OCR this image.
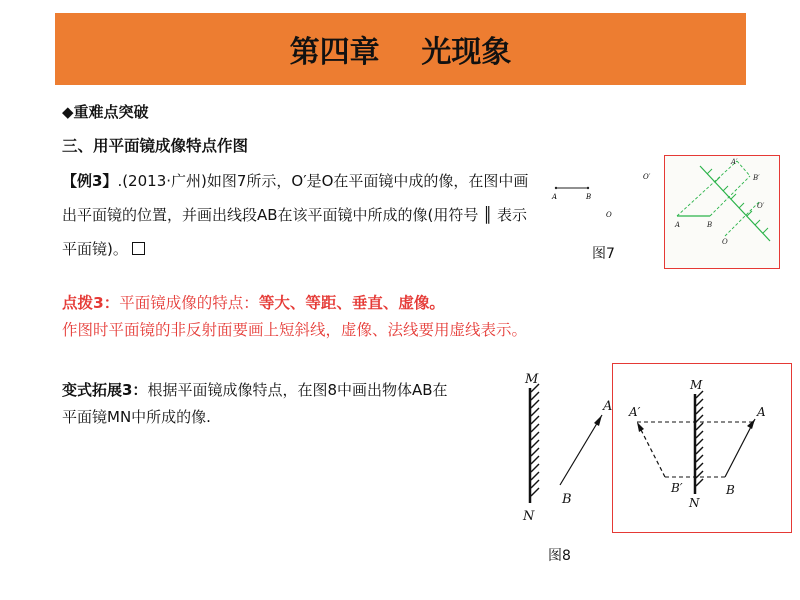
第四章    光现象
◆重难点突破
三、用平面镜成像特点作图
【例3】.(2013·广州)如图7所示，O′是O在平面镜中成的像，在图中画出平面镜的位置，并画出线段AB在该平面镜中所成的像(用符号 ║ 表示平面镜)。
A	B
O′
O
图7
A	B
A′
B′
O
O′
点拨3：平面镜成像的特点：等大、等距、垂直、虚像。
作图时平面镜的非反射面要画上短斜线，虚像、法线要用虚线表示。
变式拓展3：根据平面镜成像特点，在图8中画出物体AB在平面镜MN中所成的像.
M
N
A
B
M
N
A
B
A′
B′
图8
